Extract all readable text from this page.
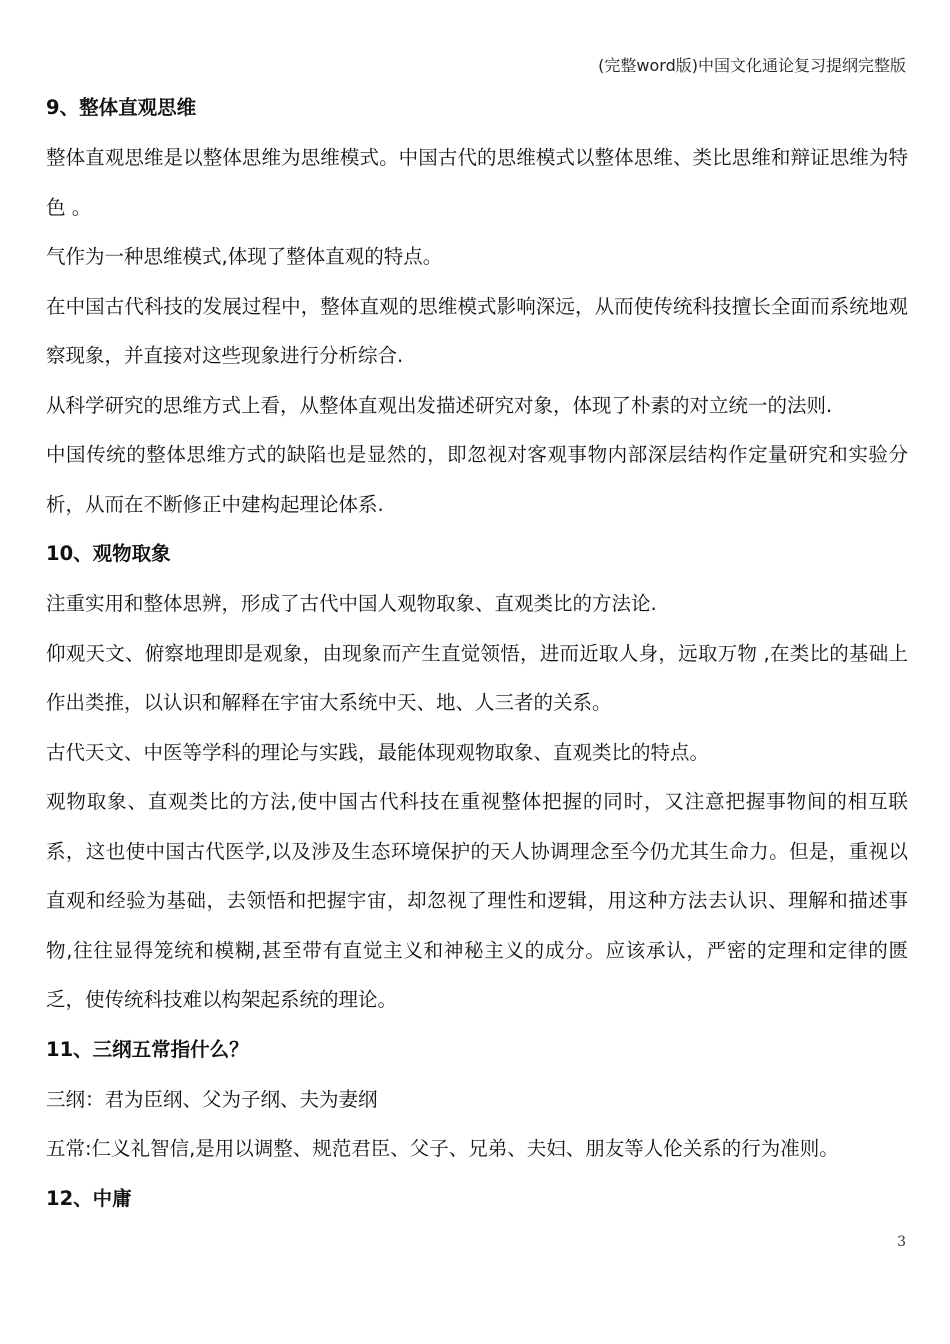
(完整word版)中国文化通论复习提纲完整版
9、整体直观思维

整体直观思维是以整体思维为思维模式。中国古代的思维模式以整体思维、类比思维和辩证思维为特色 。

气作为一种思维模式,体现了整体直观的特点。

在中国古代科技的发展过程中，整体直观的思维模式影响深远，从而使传统科技擅长全面而系统地观察现象，并直接对这些现象进行分析综合.

从科学研究的思维方式上看，从整体直观出发描述研究对象，体现了朴素的对立统一的法则.

中国传统的整体思维方式的缺陷也是显然的，即忽视对客观事物内部深层结构作定量研究和实验分析，从而在不断修正中建构起理论体系.

10、观物取象

注重实用和整体思辨，形成了古代中国人观物取象、直观类比的方法论.

仰观天文、俯察地理即是观象，由现象而产生直觉领悟，进而近取人身，远取万物 ,在类比的基础上作出类推，以认识和解释在宇宙大系统中天、地、人三者的关系。

古代天文、中医等学科的理论与实践，最能体现观物取象、直观类比的特点。

观物取象、直观类比的方法,使中国古代科技在重视整体把握的同时，又注意把握事物间的相互联系，这也使中国古代医学,以及涉及生态环境保护的天人协调理念至今仍尤其生命力。但是，重视以直观和经验为基础，去领悟和把握宇宙，却忽视了理性和逻辑，用这种方法去认识、理解和描述事物,往往显得笼统和模糊,甚至带有直觉主义和神秘主义的成分。应该承认，严密的定理和定律的匮乏，使传统科技难以构架起系统的理论。

11、三纲五常指什么？

三纲：君为臣纲、父为子纲、夫为妻纲

五常:仁义礼智信,是用以调整、规范君臣、父子、兄弟、夫妇、朋友等人伦关系的行为准则。

12、中庸
3
